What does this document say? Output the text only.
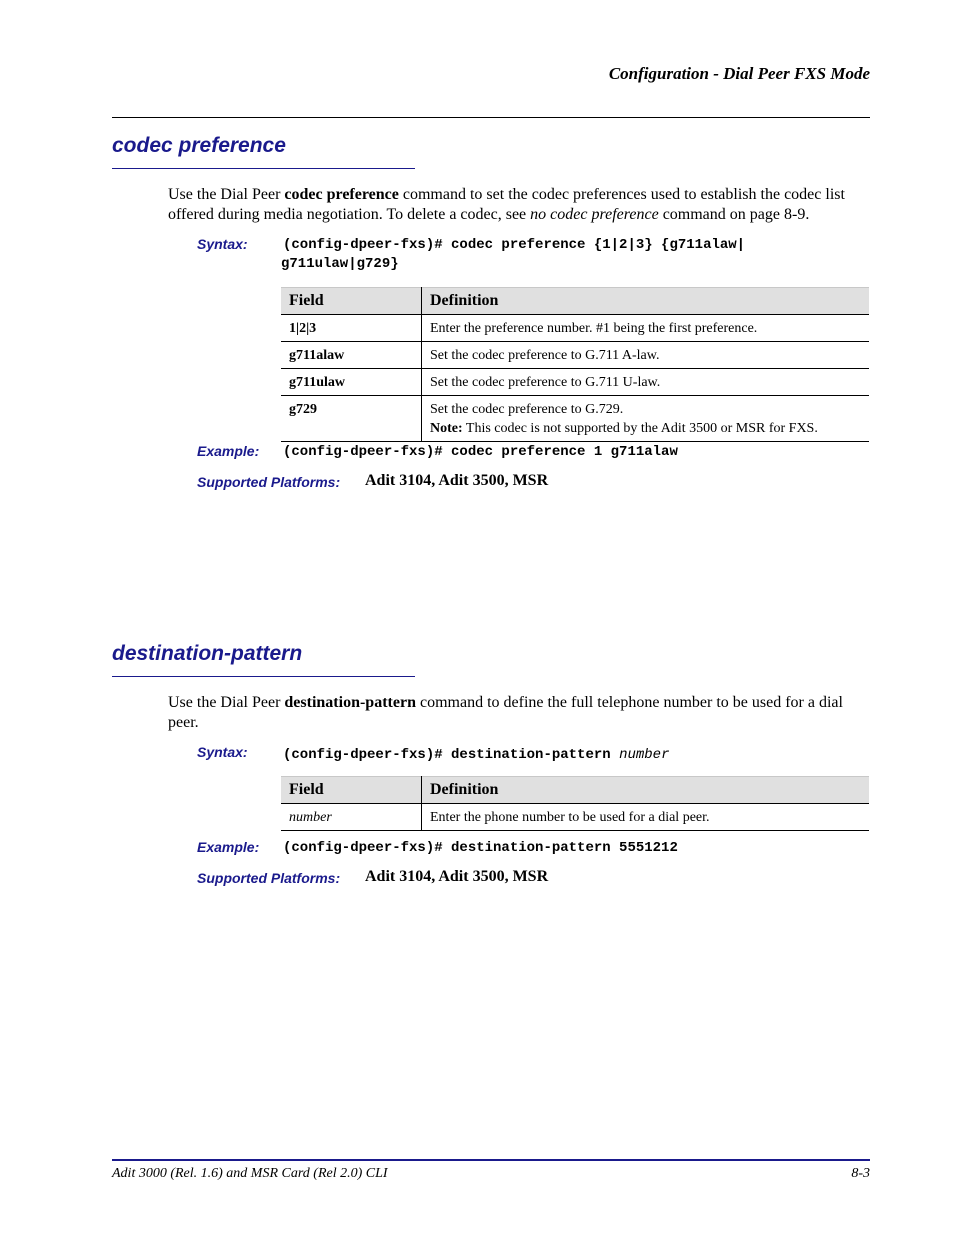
Configuration - Dial Peer FXS Mode
codec preference
Use the Dial Peer codec preference command to set the codec preferences used to establish the codec list offered during media negotiation. To delete a codec, see no codec preference command on page 8-9.
Syntax:	(config-dpeer-fxs)# codec preference {1|2|3} {g711alaw|
g711ulaw|g729}
Field	Definition
1|2|3	Enter the preference number. #1 being the first preference.
g711alaw	Set the codec preference to G.711 A-law.
g711ulaw	Set the codec preference to G.711 U-law.
g729	Set the codec preference to G.729.
Note: This codec is not supported by the Adit 3500 or MSR for FXS.
Example: (config-dpeer-fxs)# codec preference 1 g711alaw
Supported Platforms: Adit 3104, Adit 3500, MSR
destination-pattern
Use the Dial Peer destination-pattern command to define the full telephone number to be used for a dial peer.
Syntax:	(config-dpeer-fxs)# destination-pattern number
Field	Definition
number	Enter the phone number to be used for a dial peer.
Example: (config-dpeer-fxs)# destination-pattern 5551212
Supported Platforms: Adit 3104, Adit 3500, MSR
Adit 3000 (Rel. 1.6) and MSR Card (Rel 2.0) CLI	8-3
